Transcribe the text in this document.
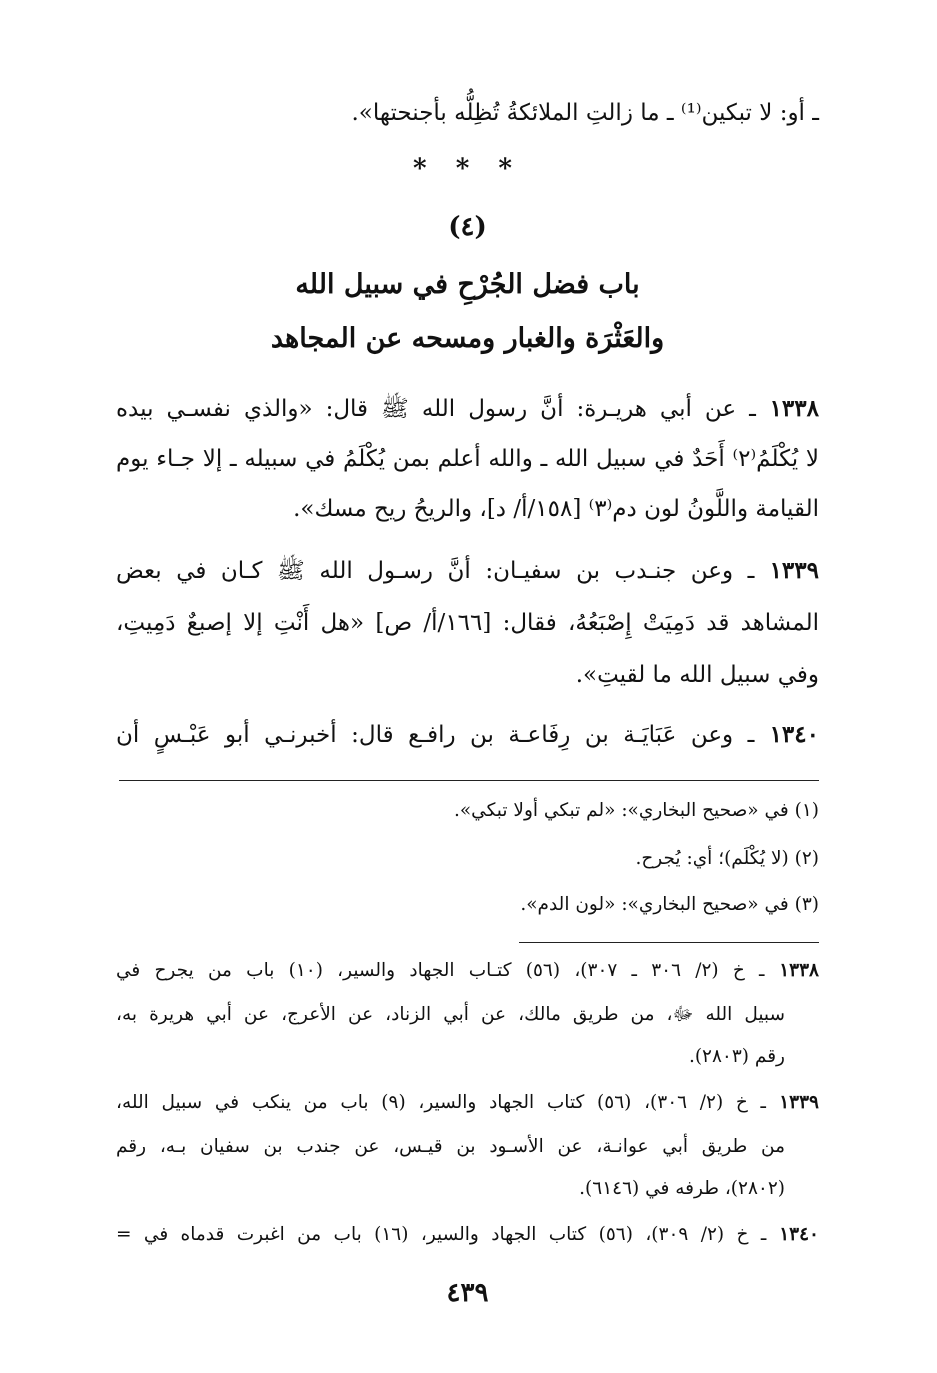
ـ أو: لا تبكين⁽¹⁾ ـ ما زالتِ الملائكةُ تُظِلُّه بأجنحتها».
* * *
(٤)
باب فضل الجُرْحِ في سبيل الله
والعَثْرَة والغبار ومسحه عن المجاهد
١٣٣٨ ـ عن أبي هريـرة: أنَّ رسول الله ﷺ قال: «والذي نفسـي بيده
لا يُكْلَمُ⁽٢⁾ أَحَدٌ في سبيل الله ـ والله أعلم بمن يُكْلَمُ في سبيله ـ إلا جـاء يوم
القيامة واللَّونُ لون دم⁽٣⁾ [١٥٨/أ/ د]، والريحُ ريح مسك».
١٣٣٩ ـ وعن جنـدب بن سفيـان: أنَّ رسـول الله ﷺ كـان في بعض
المشاهد قد دَمِيَتْ إِصْبَعُهُ، فقال: [١٦٦/أ/ ص] «هل أَنْتِ إلا إصبعٌ دَمِيتِ،
وفي سبيل الله ما لقيتِ».
١٣٤٠ ـ وعن عَبَايَـة بن رِفَاعـة بن رافـع قال: أخبرنـي أبو عَبْـسٍ أن
(١) في «صحيح البخاري»: «لم تبكي أولا تبكي».
(٢) (لا يُكْلَم)؛ أي: يُجرح.
(٣) في «صحيح البخاري»: «لون الدم».
١٣٣٨ ـ خ (٢/ ٣٠٦ ـ ٣٠٧)، (٥٦) كتـاب الجهاد والسير، (١٠) باب من يجرح في
سبيل الله ﷻ، من طريق مالك، عن أبي الزناد، عن الأعرج، عن أبي هريرة به،
رقم (٢٨٠٣).
١٣٣٩ ـ خ (٢/ ٣٠٦)، (٥٦) كتاب الجهاد والسير، (٩) باب من ينكب في سبيل الله،
من طريق أبي عوانـة، عن الأسـود بن قيـس، عن جندب بن سفيان بـه، رقم
(٢٨٠٢)، طرفه في (٦١٤٦).
١٣٤٠ ـ خ (٢/ ٣٠٩)، (٥٦) كتاب الجهاد والسير، (١٦) باب من اغبرت قدماه في =
٤٣٩
